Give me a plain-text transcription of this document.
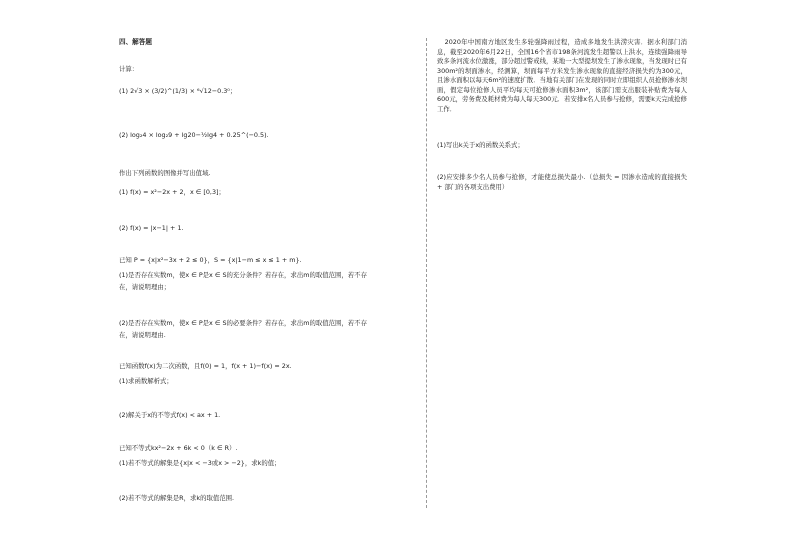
四、解答题
计算：
(1) 2√3 × (3/2)^(1/3) × ⁶√12−0.3⁰；
(2) log₂4 × log₂9 + lg20−½lg4 + 0.25^(−0.5).
作出下列函数的图像并写出值域.
(1) f(x) = x²−2x + 2，x ∈ [0,3]；
(2) f(x) = |x−1| + 1.
已知 P = {x|x²−3x + 2 ≤ 0}，S = {x|1−m ≤ x ≤ 1 + m}.
(1)是否存在实数m，使x ∈ P是x ∈ S的充分条件？若存在，求出m的取值范围，若不存
在，请说明理由；
(2)是否存在实数m，使x ∈ P是x ∈ S的必要条件？若存在，求出m的取值范围，若不存
在，请说明理由.
已知函数f(x)为二次函数，且f(0) = 1，f(x + 1)−f(x) = 2x.
(1)求函数解析式；
(2)解关于x的不等式f(x) < ax + 1.
已知不等式kx²−2x + 6k < 0（k ∈ R）.
(1)若不等式的解集是{x|x < −3或x > −2}，求k的值；
(2)若不等式的解集是R，求k的取值范围.
2020年中国南方地区发生多轮强降雨过程，造成多地发生洪涝灾害．据水利部门消息，截至2020年6月22日，全国16个省市198条河流发生超警以上洪水，连续强降雨导致多条河流水位激涨，部分超过警戒线，某地一大型提坝发生了渗水现象，当发现时已有300m²的坝面渗水，经测算，坝面每平方米发生渗水现象的直接经济损失约为300元，且渗水面积以每天6m²的速度扩散．当地有关部门在发现的同时立即组织人员抢修渗水坝面，假定每位抢修人员平均每天可抢修渗水面积3m²，该部门需支出服装补贴费为每人600元，劳务费及耗材费为每人每天300元．若安排x名人员参与抢修，需要k天完成抢修工作．
(1)写出k关于x的函数关系式；
(2)应安排多少名人员参与抢修，才能使总损失最小.（总损失 = 因渗水造成的直接损失 + 部门的各项支出费用）
